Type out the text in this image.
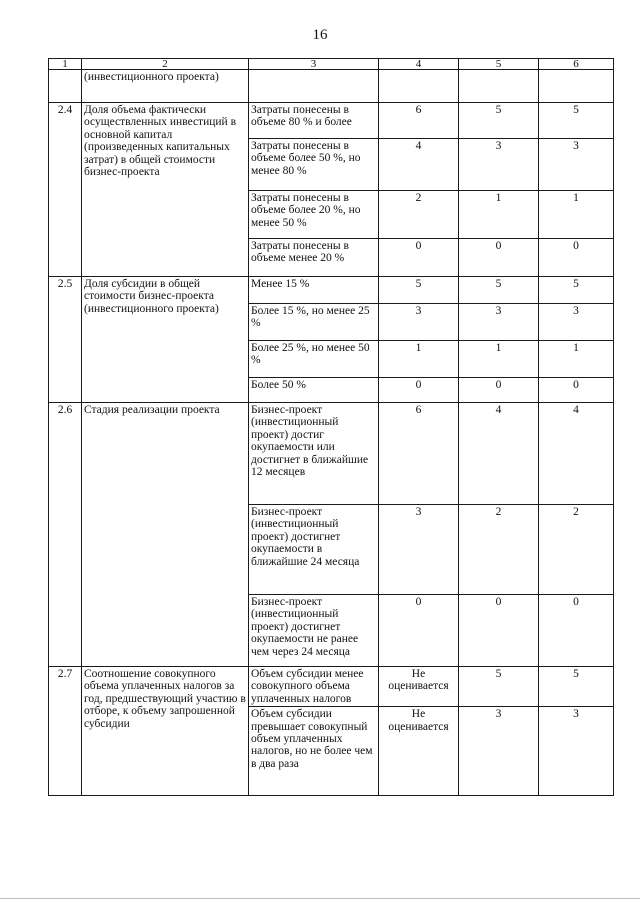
16
1	2	3	4	5	6
	(инвестиционного проекта)				
2.4	Доля объема фактически осуществленных инвестиций в основной капитал (произведенных капитальных затрат) в общей стоимости бизнес-проекта	Затраты понесены в объеме 80 % и более	6	5	5
		Затраты понесены в объеме более 50 %, но менее 80 %	4	3	3
		Затраты понесены в объеме более 20 %, но менее 50 %	2	1	1
		Затраты понесены в объеме менее 20 %	0	0	0
2.5	Доля субсидии в общей стоимости бизнес-проекта (инвестиционного проекта)	Менее 15 %	5	5	5
		Более 15 %, но менее 25 %	3	3	3
		Более 25 %, но менее 50 %	1	1	1
		Более 50 %	0	0	0
2.6	Стадия реализации проекта	Бизнес-проект (инвестиционный проект) достиг окупаемости или достигнет в ближайшие 12 месяцев	6	4	4
		Бизнес-проект (инвестиционный проект) достигнет окупаемости в ближайшие 24 месяца	3	2	2
		Бизнес-проект (инвестиционный проект) достигнет окупаемости не ранее чем через 24 месяца	0	0	0
2.7	Соотношение совокупного объема уплаченных налогов за год, предшествующий участию в отборе, к объему запрошенной субсидии	Объем субсидии менее совокупного объема уплаченных налогов	Не оценивается	5	5
		Объем субсидии превышает совокупный объем уплаченных налогов, но не более чем в два раза	Не оценивается	3	3
